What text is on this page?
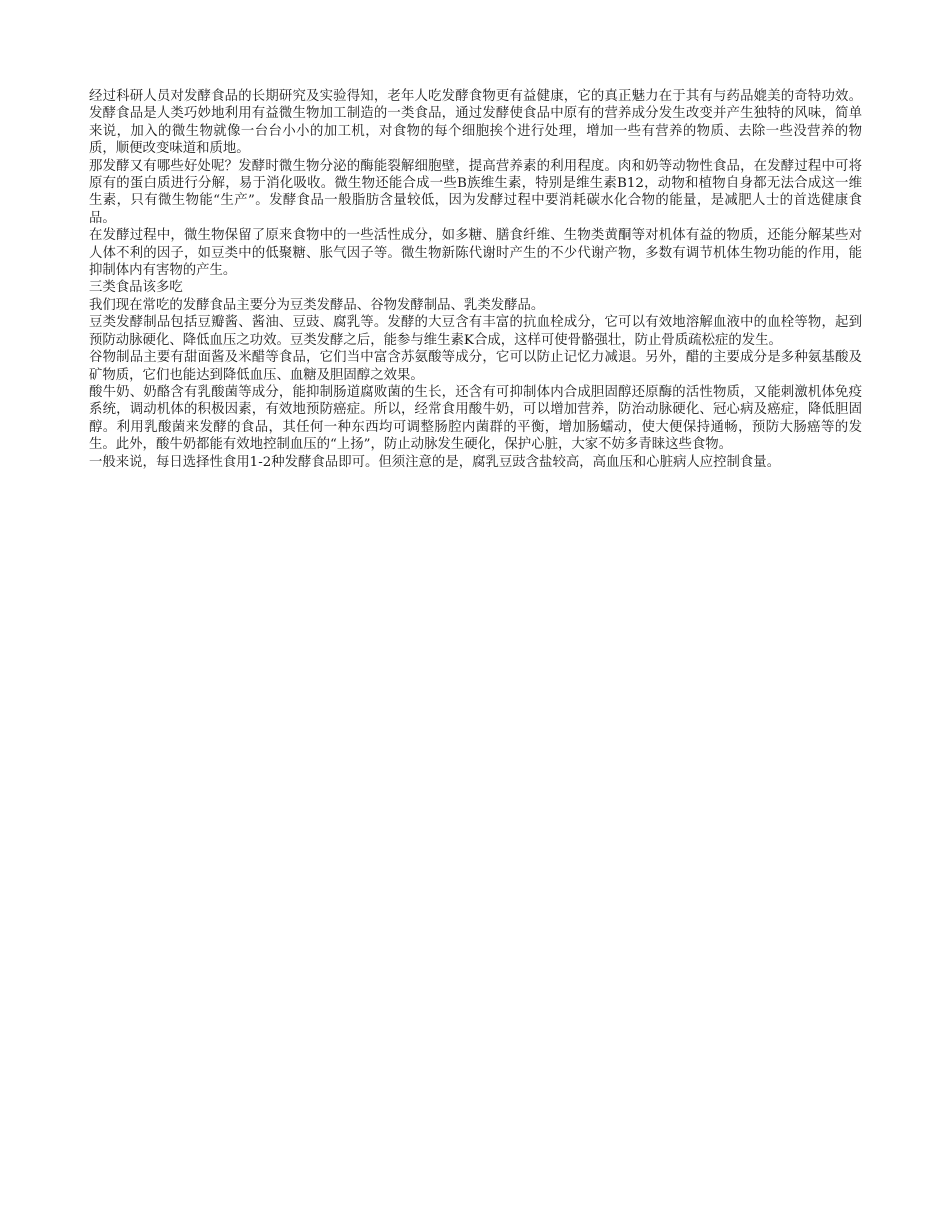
经过科研人员对发酵食品的长期研究及实验得知，老年人吃发酵食物更有益健康，它的真正魅力在于其有与药品媲美的奇特功效。发酵食品是人类巧妙地利用有益微生物加工制造的一类食品，通过发酵使食品中原有的营养成分发生改变并产生独特的风味，简单来说，加入的微生物就像一台台小小的加工机，对食物的每个细胞挨个进行处理，增加一些有营养的物质、去除一些没营养的物质，顺便改变味道和质地。

那发酵又有哪些好处呢？发酵时微生物分泌的酶能裂解细胞壁，提高营养素的利用程度。肉和奶等动物性食品，在发酵过程中可将原有的蛋白质进行分解，易于消化吸收。微生物还能合成一些B族维生素，特别是维生素B12，动物和植物自身都无法合成这一维生素，只有微生物能“生产”。发酵食品一般脂肪含量较低，因为发酵过程中要消耗碳水化合物的能量，是减肥人士的首选健康食品。

在发酵过程中，微生物保留了原来食物中的一些活性成分，如多糖、膳食纤维、生物类黄酮等对机体有益的物质，还能分解某些对人体不利的因子，如豆类中的低聚糖、胀气因子等。微生物新陈代谢时产生的不少代谢产物，多数有调节机体生物功能的作用，能抑制体内有害物的产生。

三类食品该多吃

我们现在常吃的发酵食品主要分为豆类发酵品、谷物发酵制品、乳类发酵品。

豆类发酵制品包括豆瓣酱、酱油、豆豉、腐乳等。发酵的大豆含有丰富的抗血栓成分，它可以有效地溶解血液中的血栓等物，起到预防动脉硬化、降低血压之功效。豆类发酵之后，能参与维生素K合成，这样可使骨骼强壮，防止骨质疏松症的发生。

谷物制品主要有甜面酱及米醋等食品，它们当中富含苏氨酸等成分，它可以防止记忆力减退。另外，醋的主要成分是多种氨基酸及矿物质，它们也能达到降低血压、血糖及胆固醇之效果。

酸牛奶、奶酪含有乳酸菌等成分，能抑制肠道腐败菌的生长，还含有可抑制体内合成胆固醇还原酶的活性物质，又能刺激机体免疫系统，调动机体的积极因素，有效地预防癌症。所以，经常食用酸牛奶，可以增加营养，防治动脉硬化、冠心病及癌症，降低胆固醇。利用乳酸菌来发酵的食品，其任何一种东西均可调整肠腔内菌群的平衡，增加肠蠕动，使大便保持通畅，预防大肠癌等的发生。此外，酸牛奶都能有效地控制血压的“上扬”，防止动脉发生硬化，保护心脏，大家不妨多青睐这些食物。

一般来说，每日选择性食用1-2种发酵食品即可。但须注意的是，腐乳豆豉含盐较高，高血压和心脏病人应控制食量。
